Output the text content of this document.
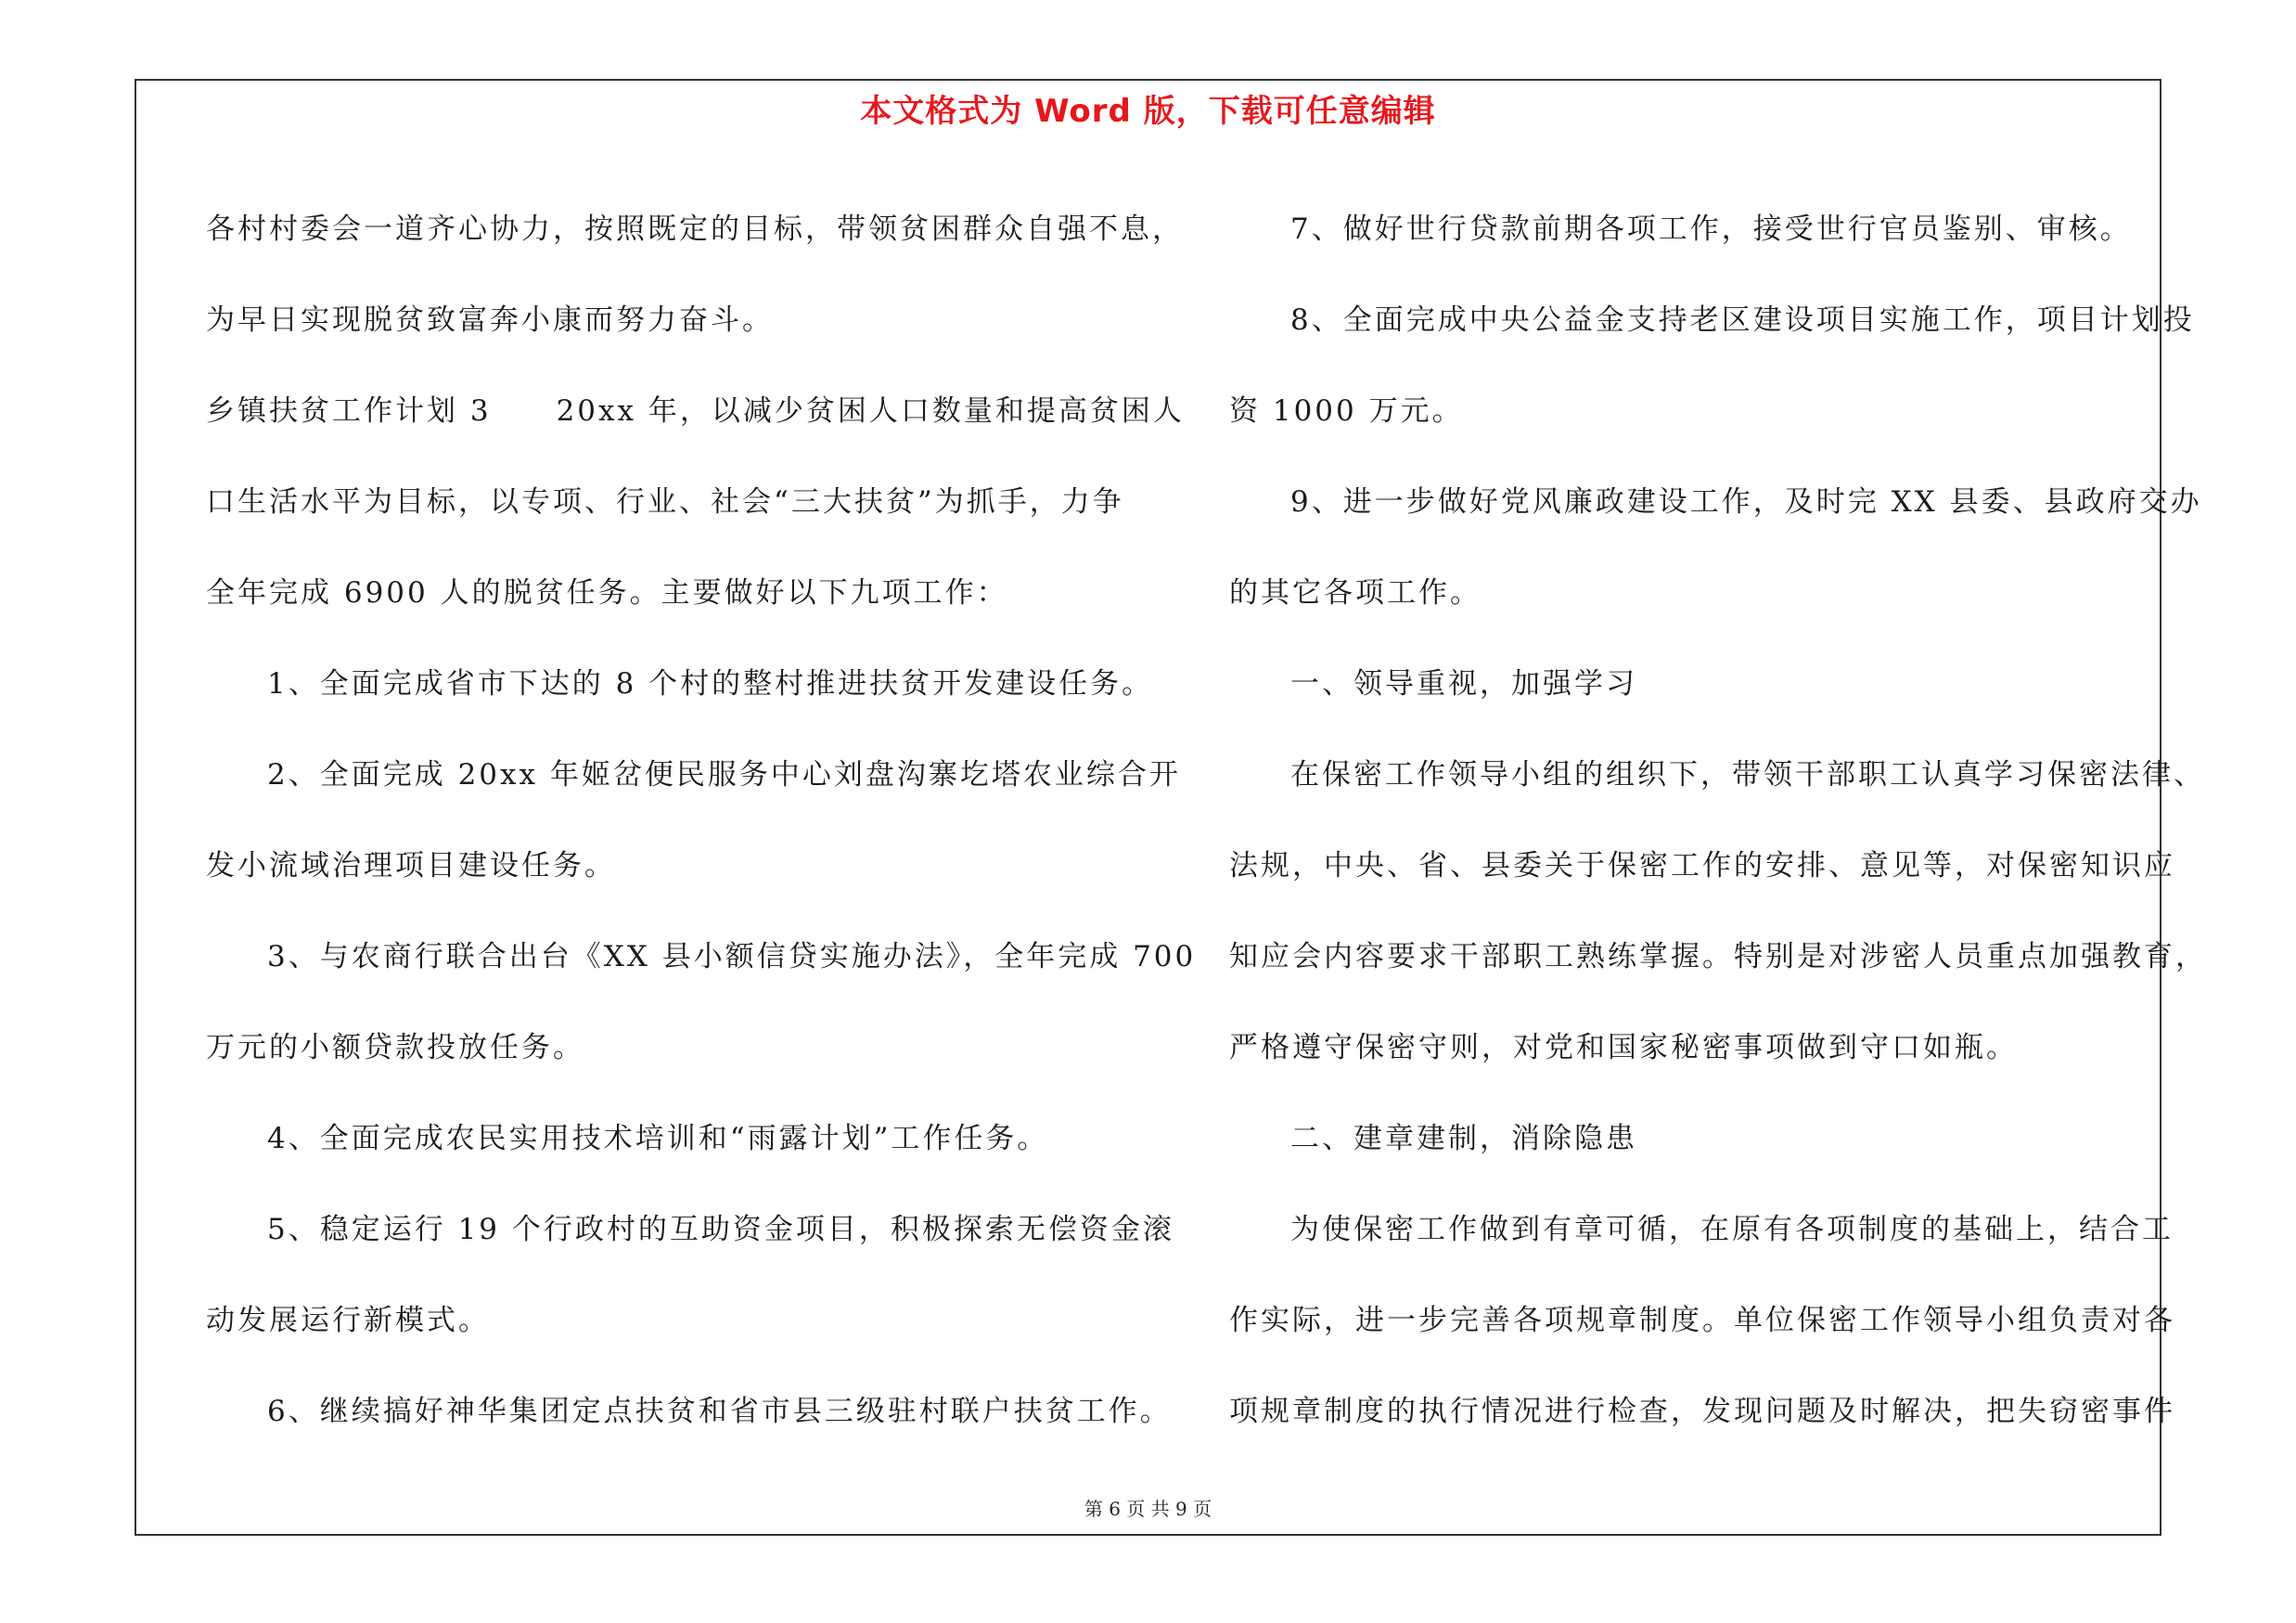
本文格式为 Word 版，下载可任意编辑
各村村委会一道齐心协力，按照既定的目标，带领贫困群众自强不息，
为早日实现脱贫致富奔小康而努力奋斗。
乡镇扶贫工作计划 3 20xx 年，以减少贫困人口数量和提高贫困人
口生活水平为目标，以专项、行业、社会“三大扶贫”为抓手，力争
全年完成 6900 人的脱贫任务。主要做好以下九项工作：
1、全面完成省市下达的 8 个村的整村推进扶贫开发建设任务。
2、全面完成 20xx 年姬岔便民服务中心刘盘沟寨圪塔农业综合开
发小流域治理项目建设任务。
3、与农商行联合出台《XX 县小额信贷实施办法》，全年完成 700
万元的小额贷款投放任务。
4、全面完成农民实用技术培训和“雨露计划”工作任务。
5、稳定运行 19 个行政村的互助资金项目，积极探索无偿资金滚
动发展运行新模式。
6、继续搞好神华集团定点扶贫和省市县三级驻村联户扶贫工作。
7、做好世行贷款前期各项工作，接受世行官员鉴别、审核。
8、全面完成中央公益金支持老区建设项目实施工作，项目计划投
资 1000 万元。
9、进一步做好党风廉政建设工作，及时完 XX 县委、县政府交办
的其它各项工作。
一、领导重视，加强学习
在保密工作领导小组的组织下，带领干部职工认真学习保密法律、
法规，中央、省、县委关于保密工作的安排、意见等，对保密知识应
知应会内容要求干部职工熟练掌握。特别是对涉密人员重点加强教育，
严格遵守保密守则，对党和国家秘密事项做到守口如瓶。
二、建章建制，消除隐患
为使保密工作做到有章可循，在原有各项制度的基础上，结合工
作实际，进一步完善各项规章制度。单位保密工作领导小组负责对各
项规章制度的执行情况进行检查，发现问题及时解决，把失窃密事件
第 6 页 共 9 页
